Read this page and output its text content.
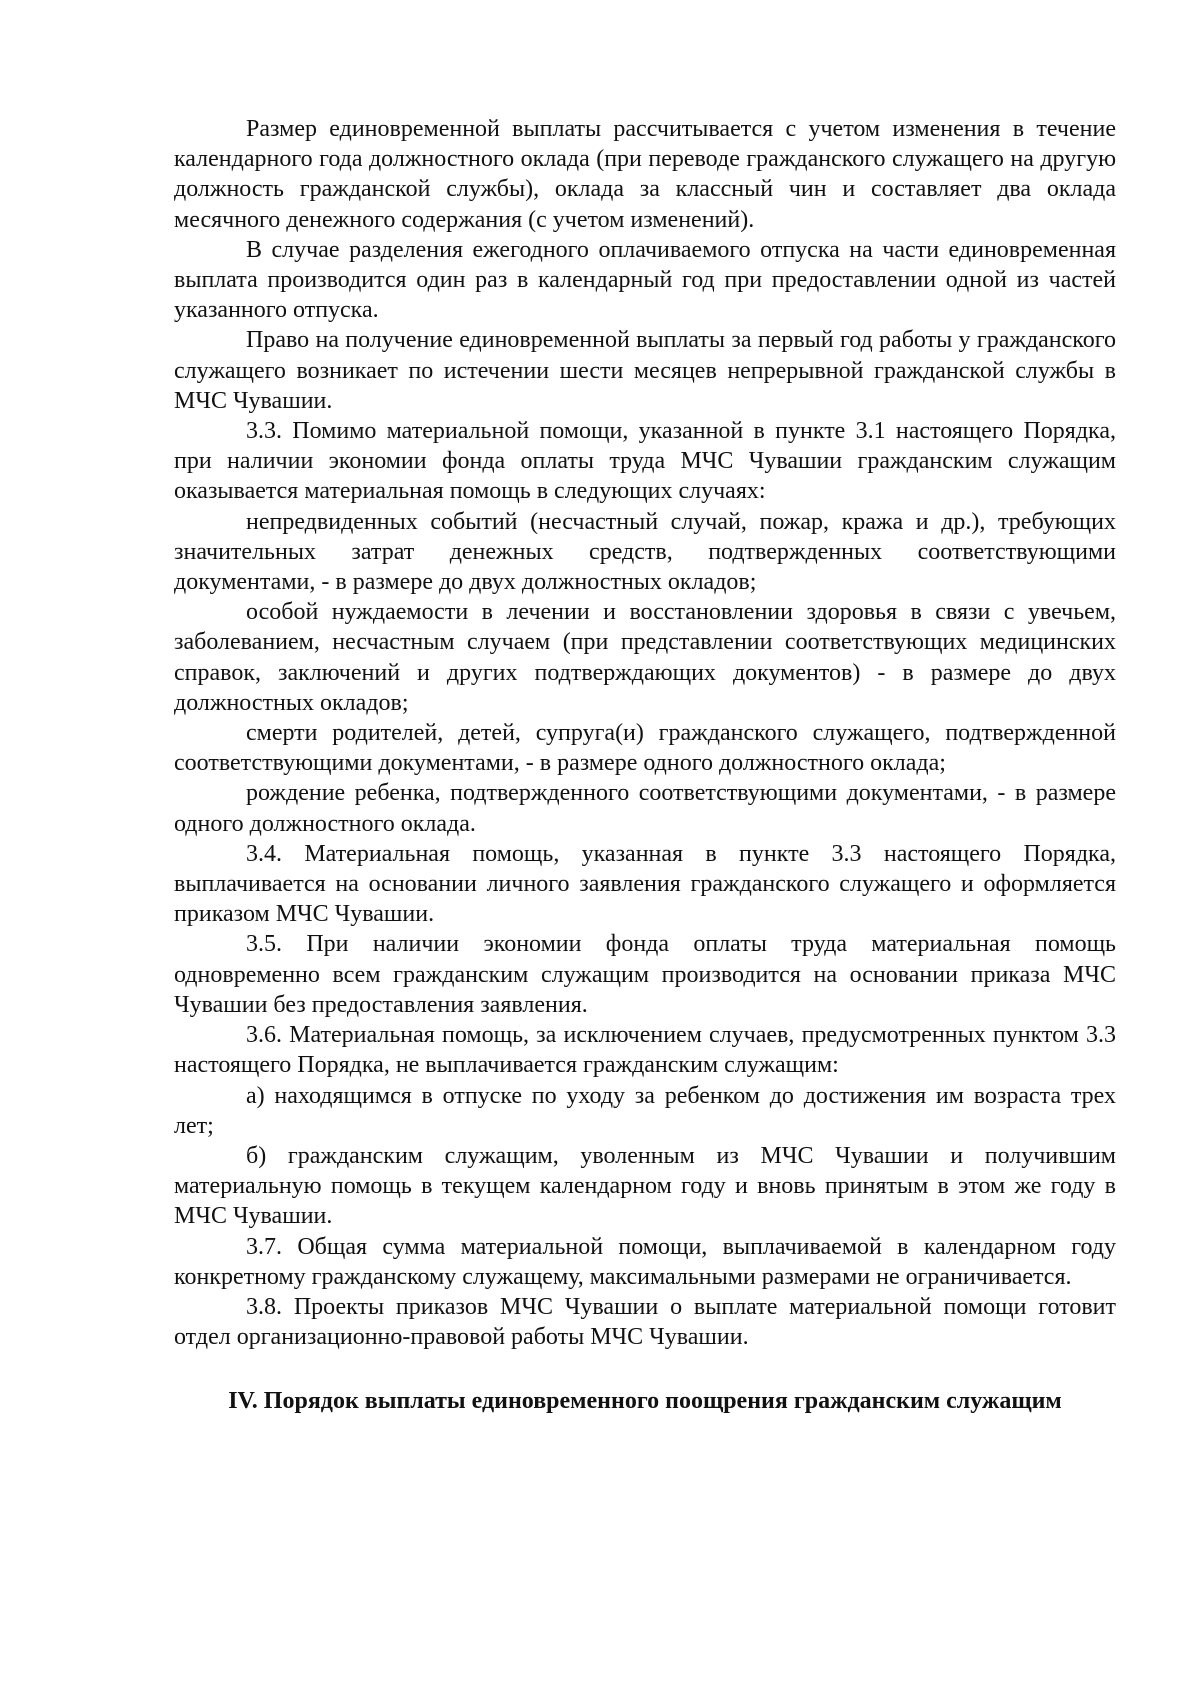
Размер единовременной выплаты рассчитывается с учетом изменения в течение календарного года должностного оклада (при переводе гражданского служащего на другую должность гражданской службы), оклада за классный чин и составляет два оклада месячного денежного содержания (с учетом изменений).

В случае разделения ежегодного оплачиваемого отпуска на части единовременная выплата производится один раз в календарный год при предоставлении одной из частей указанного отпуска.

Право на получение единовременной выплаты за первый год работы у гражданского служащего возникает по истечении шести месяцев непрерывной гражданской службы в МЧС Чувашии.

3.3. Помимо материальной помощи, указанной в пункте 3.1 настоящего Порядка, при наличии экономии фонда оплаты труда МЧС Чувашии гражданским служащим оказывается материальная помощь в следующих случаях:

непредвиденных событий (несчастный случай, пожар, кража и др.), требующих значительных затрат денежных средств, подтвержденных соответствующими документами, - в размере до двух должностных окладов;

особой нуждаемости в лечении и восстановлении здоровья в связи с увечьем, заболеванием, несчастным случаем (при представлении соответствующих медицинских справок, заключений и других подтверждающих документов) - в размере до двух должностных окладов;

смерти родителей, детей, супруга(и) гражданского служащего, подтвержденной соответствующими документами, - в размере одного должностного оклада;

рождение ребенка, подтвержденного соответствующими документами, - в размере одного должностного оклада.

3.4. Материальная помощь, указанная в пункте 3.3 настоящего Порядка, выплачивается на основании личного заявления гражданского служащего и оформляется приказом МЧС Чувашии.

3.5. При наличии экономии фонда оплаты труда материальная помощь одновременно всем гражданским служащим производится на основании приказа МЧС Чувашии без предоставления заявления.

3.6. Материальная помощь, за исключением случаев, предусмотренных пунктом 3.3 настоящего Порядка, не выплачивается гражданским служащим:

а) находящимся в отпуске по уходу за ребенком до достижения им возраста трех лет;

б) гражданским служащим, уволенным из МЧС Чувашии и получившим материальную помощь в текущем календарном году и вновь принятым в этом же году в МЧС Чувашии.

3.7. Общая сумма материальной помощи, выплачиваемой в календарном году конкретному гражданскому служащему, максимальными размерами не ограничивается.

3.8. Проекты приказов МЧС Чувашии о выплате материальной помощи готовит отдел организационно-правовой работы МЧС Чувашии.

IV. Порядок выплаты единовременного поощрения гражданским служащим
